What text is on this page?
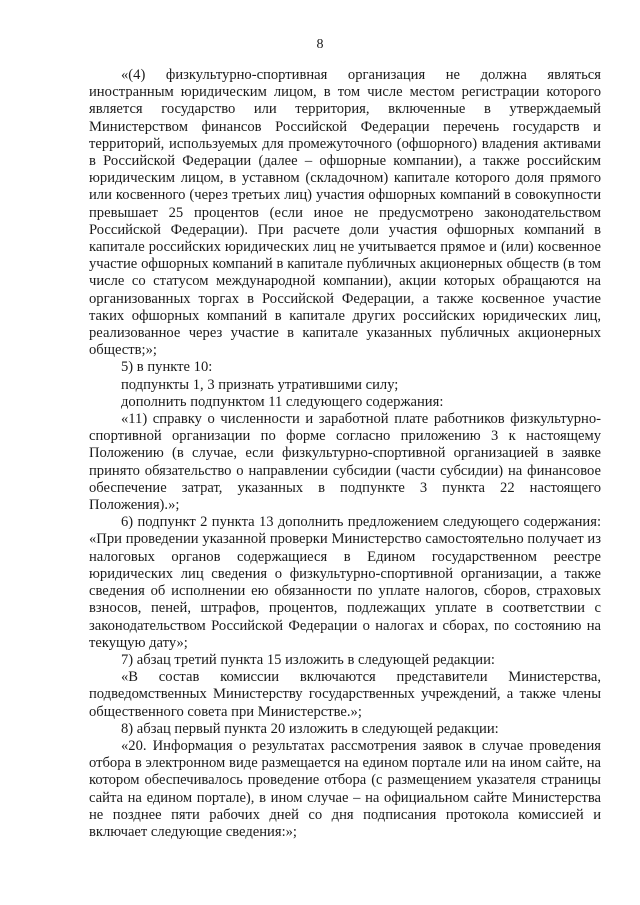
8

«(4) физкультурно-спортивная организация не должна являться иностранным юридическим лицом, в том числе местом регистрации которого является государство или территория, включенные в утверждаемый Министерством финансов Российской Федерации перечень государств и территорий, используемых для промежуточного (офшорного) владения активами в Российской Федерации (далее – офшорные компании), а также российским юридическим лицом, в уставном (складочном) капитале которого доля прямого или косвенного (через третьих лиц) участия офшорных компаний в совокупности превышает 25 процентов (если иное не предусмотрено законодательством Российской Федерации). При расчете доли участия офшорных компаний в капитале российских юридических лиц не учитывается прямое и (или) косвенное участие офшорных компаний в капитале публичных акционерных обществ (в том числе со статусом международной компании), акции которых обращаются на организованных торгах в Российской Федерации, а также косвенное участие таких офшорных компаний в капитале других российских юридических лиц, реализованное через участие в капитале указанных публичных акционерных обществ;»;

5) в пункте 10:

подпункты 1, 3 признать утратившими силу;

дополнить подпунктом 11 следующего содержания:

«11) справку о численности и заработной плате работников физкультурно-спортивной организации по форме согласно приложению 3 к настоящему Положению (в случае, если физкультурно-спортивной организацией в заявке принято обязательство о направлении субсидии (части субсидии) на финансовое обеспечение затрат, указанных в подпункте 3 пункта 22 настоящего Положения).»;

6) подпункт 2 пункта 13 дополнить предложением следующего содержания: «При проведении указанной проверки Министерство самостоятельно получает из налоговых органов содержащиеся в Едином государственном реестре юридических лиц сведения о физкультурно-спортивной организации, а также сведения об исполнении ею обязанности по уплате налогов, сборов, страховых взносов, пеней, штрафов, процентов, подлежащих уплате в соответствии с законодательством Российской Федерации о налогах и сборах, по состоянию на текущую дату»;

7) абзац третий пункта 15 изложить в следующей редакции:

«В состав комиссии включаются представители Министерства, подведомственных Министерству государственных учреждений, а также члены общественного совета при Министерстве.»;

8) абзац первый пункта 20 изложить в следующей редакции:

«20. Информация о результатах рассмотрения заявок в случае проведения отбора в электронном виде размещается на едином портале или на ином сайте, на котором обеспечивалось проведение отбора (с размещением указателя страницы сайта на едином портале), в ином случае – на официальном сайте Министерства не позднее пяти рабочих дней со дня подписания протокола комиссией и включает следующие сведения:»;
